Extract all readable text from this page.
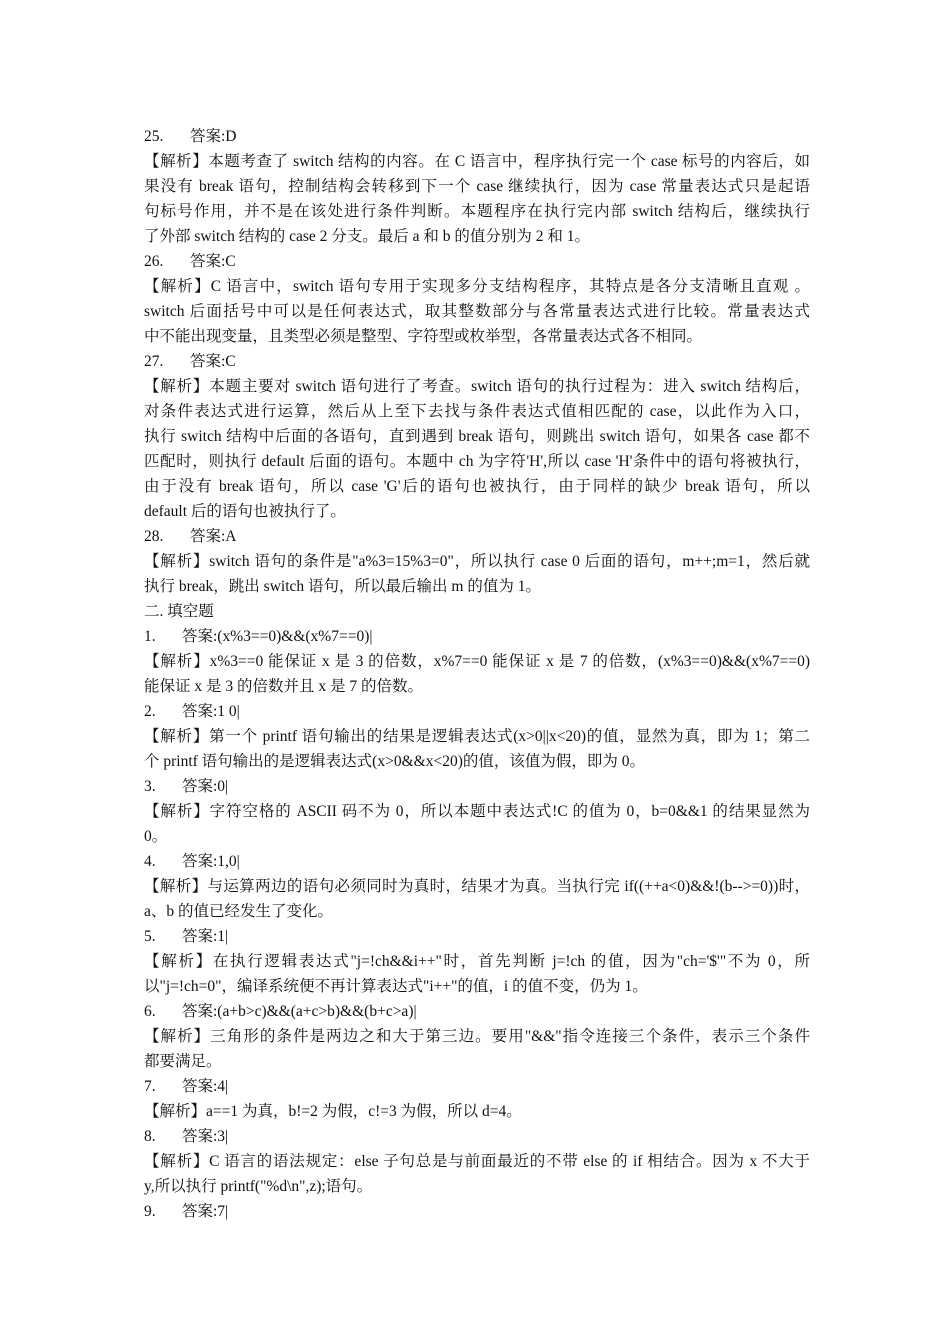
25. 答案:D
【解析】本题考查了 switch 结构的内容。在 C 语言中，程序执行完一个 case 标号的内容后，如
果没有 break 语句，控制结构会转移到下一个 case 继续执行，因为 case 常量表达式只是起语
句标号作用，并不是在该处进行条件判断。本题程序在执行完内部 switch 结构后，继续执行
了外部 switch 结构的 case 2 分支。最后 a 和 b 的值分别为 2 和 1。
26. 答案:C
【解析】C 语言中，switch 语句专用于实现多分支结构程序，其特点是各分支清晰且直观 。
switch 后面括号中可以是任何表达式，取其整数部分与各常量表达式进行比较。常量表达式
中不能出现变量，且类型必须是整型、字符型或枚举型，各常量表达式各不相同。
27. 答案:C
【解析】本题主要对 switch 语句进行了考查。switch 语句的执行过程为：进入 switch 结构后，
对条件表达式进行运算，然后从上至下去找与条件表达式值相匹配的 case，以此作为入口，
执行 switch 结构中后面的各语句，直到遇到 break 语句，则跳出 switch 语句，如果各 case 都不
匹配时，则执行 default 后面的语句。本题中 ch 为字符'H',所以 case 'H'条件中的语句将被执行，
由于没有 break 语句，所以 case 'G'后的语句也被执行，由于同样的缺少 break 语句，所以
default 后的语句也被执行了。
28. 答案:A
【解析】switch 语句的条件是"a%3=15%3=0"，所以执行 case 0 后面的语句，m++;m=1，然后就
执行 break，跳出 switch 语句，所以最后输出 m 的值为 1。
二. 填空题
1. 答案:(x%3==0)&&(x%7==0)|
【解析】x%3==0 能保证 x 是 3 的倍数，x%7==0 能保证 x 是 7 的倍数，(x%3==0)&&(x%7==0)
能保证 x 是 3 的倍数并且 x 是 7 的倍数。
2. 答案:1 0|
【解析】第一个 printf 语句输出的结果是逻辑表达式(x>0||x<20)的值，显然为真，即为 1；第二
个 printf 语句输出的是逻辑表达式(x>0&&x<20)的值，该值为假，即为 0。
3. 答案:0|
【解析】字符空格的 ASCII 码不为 0，所以本题中表达式!C 的值为 0，b=0&&1 的结果显然为
0。
4. 答案:1,0|
【解析】与运算两边的语句必须同时为真时，结果才为真。当执行完 if((++a<0)&&!(b-->=0))时，
a、b 的值已经发生了变化。
5. 答案:1|
【解析】在执行逻辑表达式"j=!ch&&i++"时，首先判断 j=!ch 的值，因为"ch='$'"不为 0，所
以"j=!ch=0"，编译系统便不再计算表达式"i++"的值，i 的值不变，仍为 1。
6. 答案:(a+b>c)&&(a+c>b)&&(b+c>a)|
【解析】三角形的条件是两边之和大于第三边。要用"&&"指令连接三个条件，表示三个条件
都要满足。
7. 答案:4|
【解析】a==1 为真，b!=2 为假，c!=3 为假，所以 d=4。
8. 答案:3|
【解析】C 语言的语法规定：else 子句总是与前面最近的不带 else 的 if 相结合。因为 x 不大于
y,所以执行 printf("%d\n",z);语句。
9. 答案:7|
